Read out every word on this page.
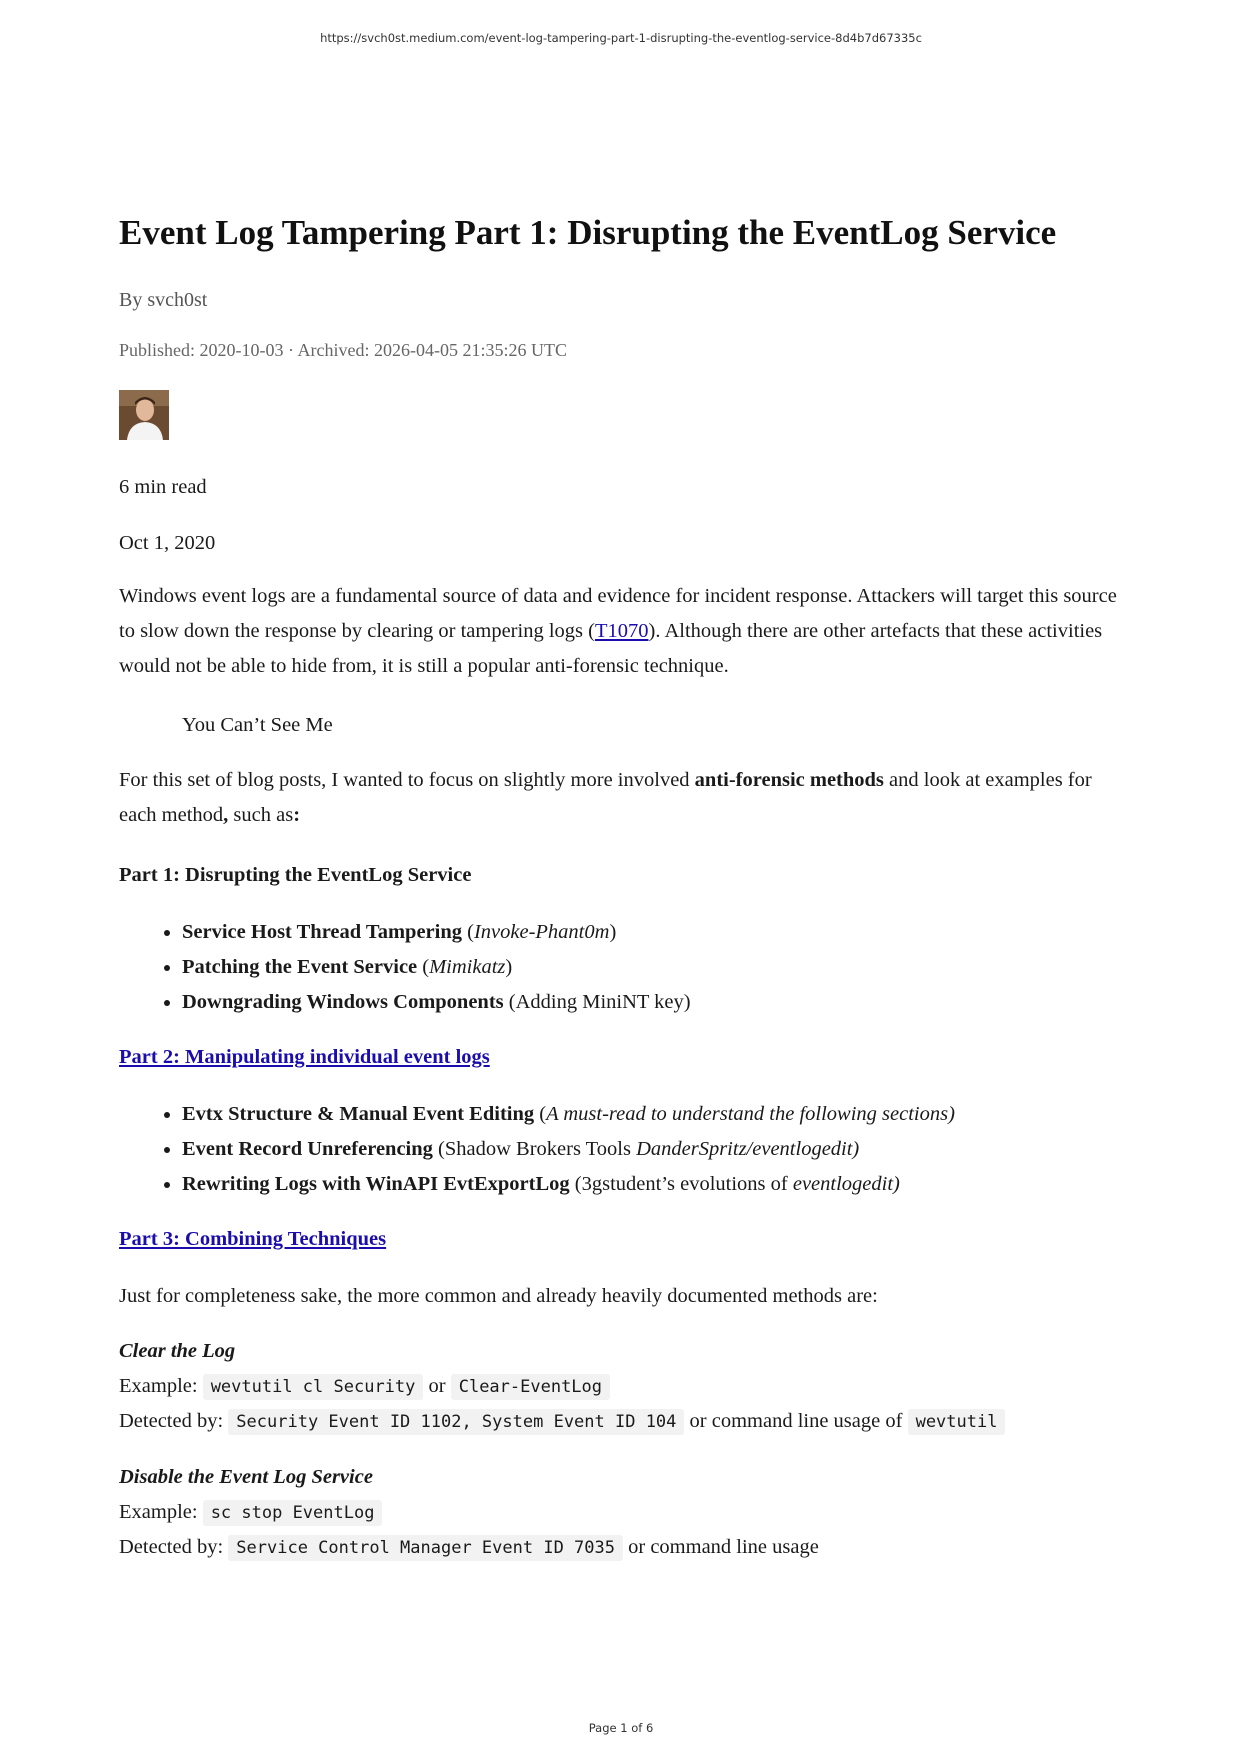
https://svch0st.medium.com/event-log-tampering-part-1-disrupting-the-eventlog-service-8d4b7d67335c
Event Log Tampering Part 1: Disrupting the EventLog Service
By svch0st
Published: 2020-10-03 · Archived: 2026-04-05 21:35:26 UTC
6 min read
Oct 1, 2020

Windows event logs are a fundamental source of data and evidence for incident response. Attackers will target this source to slow down the response by clearing or tampering logs (T1070). Although there are other artefacts that these activities would not be able to hide from, it is still a popular anti-forensic technique.

You Can’t See Me

For this set of blog posts, I wanted to focus on slightly more involved anti-forensic methods and look at examples for each method, such as:

Part 1: Disrupting the EventLog Service

• Service Host Thread Tampering (Invoke-Phant0m)
• Patching the Event Service (Mimikatz)
• Downgrading Windows Components (Adding MiniNT key)

Part 2: Manipulating individual event logs

• Evtx Structure & Manual Event Editing (A must-read to understand the following sections)
• Event Record Unreferencing (Shadow Brokers Tools DanderSpritz/eventlogedit)
• Rewriting Logs with WinAPI EvtExportLog (3gstudent’s evolutions of eventlogedit)

Part 3: Combining Techniques

Just for completeness sake, the more common and already heavily documented methods are:

Clear the Log

Example: wevtutil cl Security or Clear-EventLog

Detected by: Security Event ID 1102, System Event ID 104 or command line usage of wevtutil

Disable the Event Log Service

Example: sc stop EventLog

Detected by: Service Control Manager Event ID 7035 or command line usage

Page 1 of 6
